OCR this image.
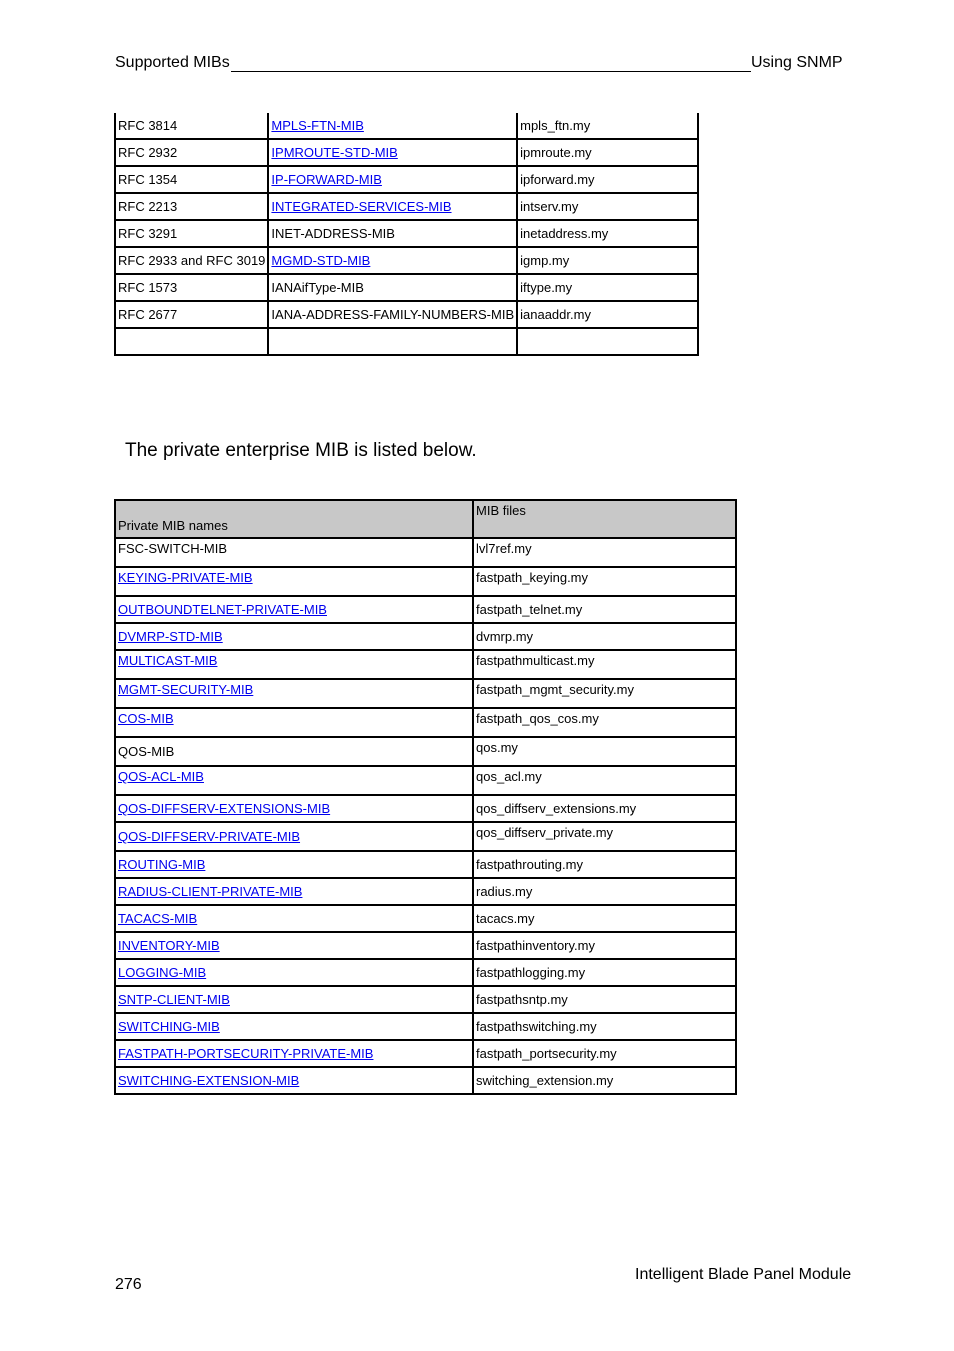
Supported MIBs	Using SNMP
RFC 3814	MPLS-FTN-MIB	mpls_ftn.my
RFC 2932	IPMROUTE-STD-MIB	ipmroute.my
RFC 1354	IP-FORWARD-MIB	ipforward.my
RFC 2213	INTEGRATED-SERVICES-MIB	intserv.my
RFC 3291	INET-ADDRESS-MIB	inetaddress.my
RFC 2933 and RFC 3019	MGMD-STD-MIB	igmp.my
RFC 1573	IANAifType-MIB	iftype.my
RFC 2677	IANA-ADDRESS-FAMILY-NUMBERS-MIB	ianaaddr.my

The private enterprise MIB is listed below.
Private MIB names	MIB files
FSC-SWITCH-MIB	lvl7ref.my
KEYING-PRIVATE-MIB	fastpath_keying.my
OUTBOUNDTELNET-PRIVATE-MIB	fastpath_telnet.my
DVMRP-STD-MIB	dvmrp.my
MULTICAST-MIB	fastpathmulticast.my
MGMT-SECURITY-MIB	fastpath_mgmt_security.my
COS-MIB	fastpath_qos_cos.my
QOS-MIB	qos.my
QOS-ACL-MIB	qos_acl.my
QOS-DIFFSERV-EXTENSIONS-MIB	qos_diffserv_extensions.my
QOS-DIFFSERV-PRIVATE-MIB	qos_diffserv_private.my
ROUTING-MIB	fastpathrouting.my
RADIUS-CLIENT-PRIVATE-MIB	radius.my
TACACS-MIB	tacacs.my
INVENTORY-MIB	fastpathinventory.my
LOGGING-MIB	fastpathlogging.my
SNTP-CLIENT-MIB	fastpathsntp.my
SWITCHING-MIB	fastpathswitching.my
FASTPATH-PORTSECURITY-PRIVATE-MIB	fastpath_portsecurity.my
SWITCHING-EXTENSION-MIB	switching_extension.my
276
Intelligent Blade Panel Module
